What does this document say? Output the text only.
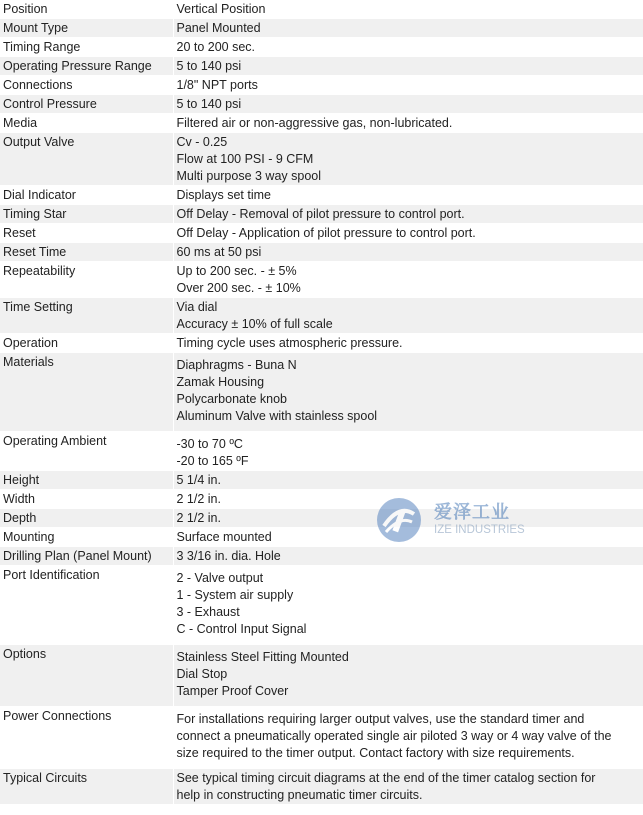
Position	Vertical Position

Mount Type	Panel Mounted

Timing Range	20 to 200 sec.

Operating Pressure Range	5 to 140 psi

Connections	1/8" NPT ports

Control Pressure	5 to 140 psi

Media	Filtered air or non-aggressive gas, non-lubricated.

Output Valve	Cv - 0.25
Flow at 100 PSI - 9 CFM
Multi purpose 3 way spool

Dial Indicator	Displays set time

Timing Star	Off Delay - Removal of pilot pressure to control port.

Reset	Off Delay - Application of pilot pressure to control port.

Reset Time	60 ms at 50 psi

Repeatability	Up to 200 sec. - ± 5%
Over 200 sec. - ± 10%

Time Setting	Via dial
Accuracy ± 10% of full scale

Operation	Timing cycle uses atmospheric pressure.

Materials	Diaphragms - Buna N
Zamak Housing
Polycarbonate knob
Aluminum Valve with stainless spool

Operating Ambient	-30 to 70 ºC
-20 to 165 ºF

Height	5 1/4 in.

Width	2 1/2 in.

Depth	2 1/2 in.

Mounting	Surface mounted

Drilling Plan (Panel Mount)	3 3/16 in. dia. Hole

Port Identification	2 - Valve output
1 - System air supply
3 - Exhaust
C - Control Input Signal

Options	Stainless Steel Fitting Mounted
Dial Stop
Tamper Proof Cover

Power Connections	For installations requiring larger output valves, use the standard timer and
connect a pneumatically operated single air piloted 3 way or 4 way valve of the
size required to the timer output. Contact factory with size requirements.

Typical Circuits	See typical timing circuit diagrams at the end of the timer catalog section for
help in constructing pneumatic timer circuits.
爱泽工业
IZE INDUSTRIES
